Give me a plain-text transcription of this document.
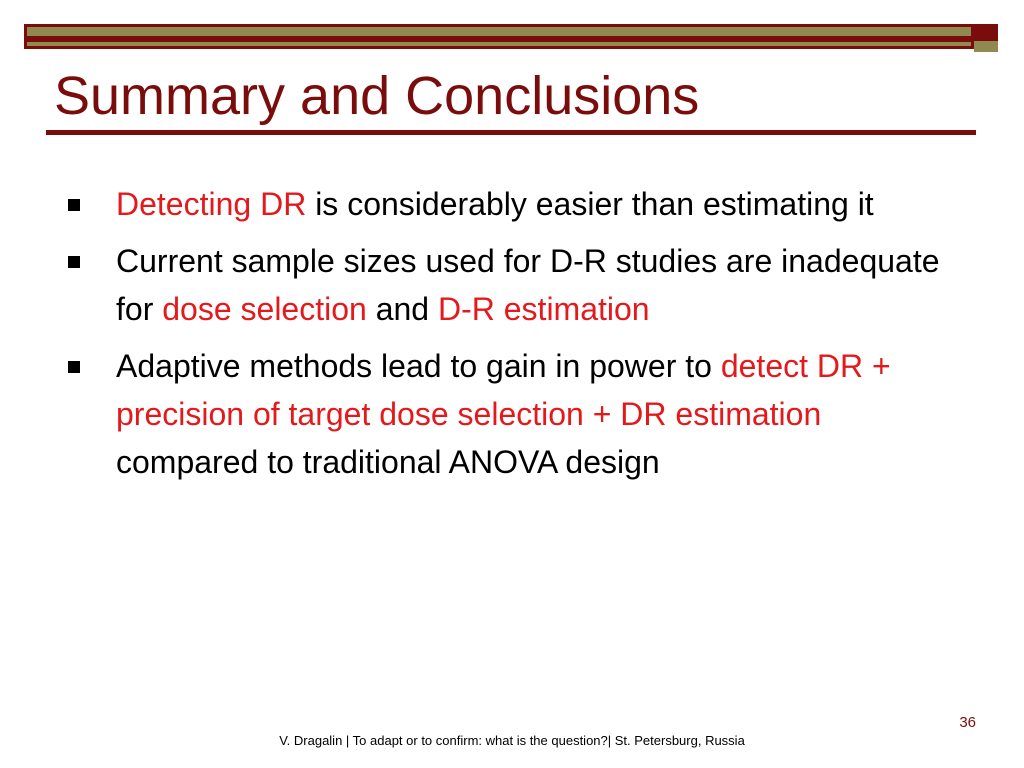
Summary and Conclusions
Detecting DR is considerably easier than estimating it
Current sample sizes used for D-R studies are inadequate for dose selection and D-R estimation
Adaptive methods lead to gain in power to detect DR + precision of target dose selection + DR estimation compared to traditional ANOVA design
36
V. Dragalin | To adapt or to confirm: what is the question?| St. Petersburg, Russia
